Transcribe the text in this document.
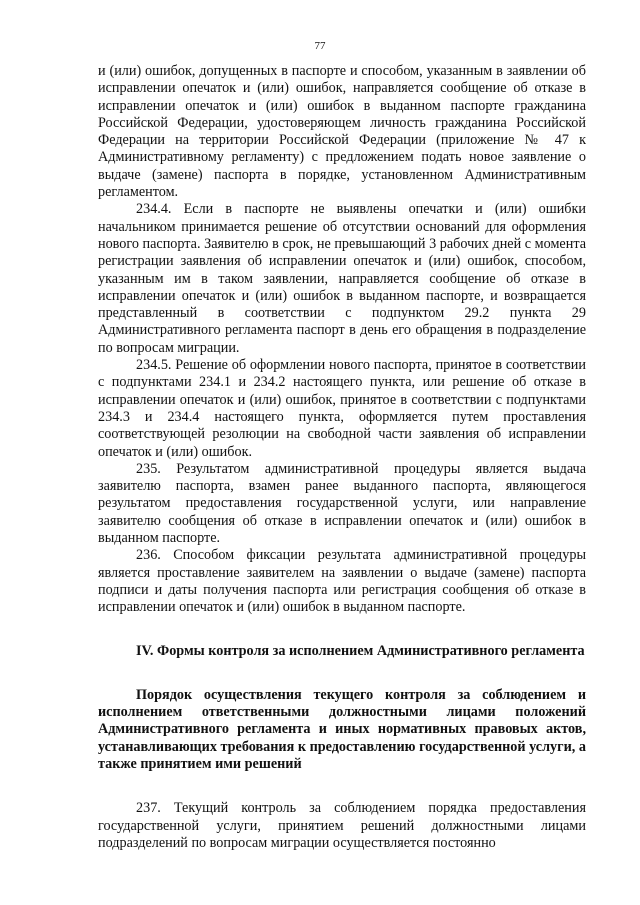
77

и (или) ошибок, допущенных в паспорте и способом, указанным в заявлении об исправлении опечаток и (или) ошибок, направляется сообщение об отказе в исправлении опечаток и (или) ошибок в выданном паспорте гражданина Российской Федерации, удостоверяющем личность гражданина Российской Федерации на территории Российской Федерации (приложение № 47 к Административному регламенту) с предложением подать новое заявление о выдаче (замене) паспорта в порядке, установленном Административным регламентом.

234.4. Если в паспорте не выявлены опечатки и (или) ошибки начальником принимается решение об отсутствии оснований для оформления нового паспорта. Заявителю в срок, не превышающий 3 рабочих дней с момента регистрации заявления об исправлении опечаток и (или) ошибок, способом, указанным им в таком заявлении, направляется сообщение об отказе в исправлении опечаток и (или) ошибок в выданном паспорте, и возвращается представленный в соответствии с подпунктом 29.2 пункта 29 Административного регламента паспорт в день его обращения в подразделение по вопросам миграции.

234.5. Решение об оформлении нового паспорта, принятое в соответствии с подпунктами 234.1 и 234.2 настоящего пункта, или решение об отказе в исправлении опечаток и (или) ошибок, принятое в соответствии с подпунктами 234.3 и 234.4 настоящего пункта, оформляется путем проставления соответствующей резолюции на свободной части заявления об исправлении опечаток и (или) ошибок.

235. Результатом административной процедуры является выдача заявителю паспорта, взамен ранее выданного паспорта, являющегося результатом предоставления государственной услуги, или направление заявителю сообщения об отказе в исправлении опечаток и (или) ошибок в выданном паспорте.

236. Способом фиксации результата административной процедуры является проставление заявителем на заявлении о выдаче (замене) паспорта подписи и даты получения паспорта или регистрация сообщения об отказе в исправлении опечаток и (или) ошибок в выданном паспорте.

IV. Формы контроля за исполнением Административного регламента

Порядок осуществления текущего контроля за соблюдением и исполнением ответственными должностными лицами положений Административного регламента и иных нормативных правовых актов, устанавливающих требования к предоставлению государственной услуги, а также принятием ими решений

237. Текущий контроль за соблюдением порядка предоставления государственной услуги, принятием решений должностными лицами подразделений по вопросам миграции осуществляется постоянно
